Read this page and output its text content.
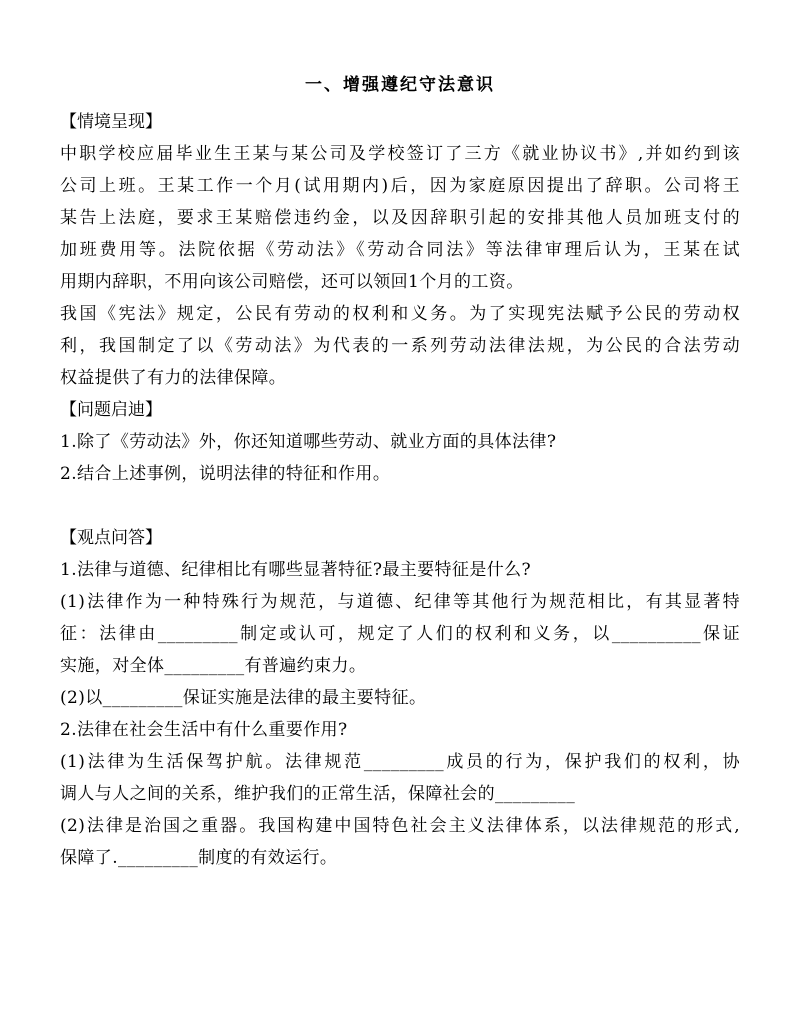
一、增强遵纪守法意识
【情境呈现】
中职学校应届毕业生王某与某公司及学校签订了三方《就业协议书》,并如约到该
公司上班。王某工作一个月(试用期内)后，因为家庭原因提出了辞职。公司将王
某告上法庭，要求王某赔偿违约金，以及因辞职引起的安排其他人员加班支付的
加班费用等。法院依据《劳动法》《劳动合同法》等法律审理后认为，王某在试
用期内辞职，不用向该公司赔偿，还可以领回1个月的工资。
我国《宪法》规定，公民有劳动的权利和义务。为了实现宪法赋予公民的劳动权
利，我国制定了以《劳动法》为代表的一系列劳动法律法规，为公民的合法劳动
权益提供了有力的法律保障。
【问题启迪】
1.除了《劳动法》外，你还知道哪些劳动、就业方面的具体法律?
2.结合上述事例，说明法律的特征和作用。
【观点问答】
1.法律与道德、纪律相比有哪些显著特征?最主要特征是什么?
(1)法律作为一种特殊行为规范，与道德、纪律等其他行为规范相比，有其显著特
征：法律由_________制定或认可，规定了人们的权利和义务，以__________保证
实施，对全体_________有普遍约束力。
(2)以_________保证实施是法律的最主要特征。
2.法律在社会生活中有什么重要作用?
(1)法律为生活保驾护航。法律规范_________成员的行为，保护我们的权利，协
调人与人之间的关系，维护我们的正常生活，保障社会的_________
(2)法律是治国之重器。我国构建中国特色社会主义法律体系，以法律规范的形式,
保障了._________制度的有效运行。
